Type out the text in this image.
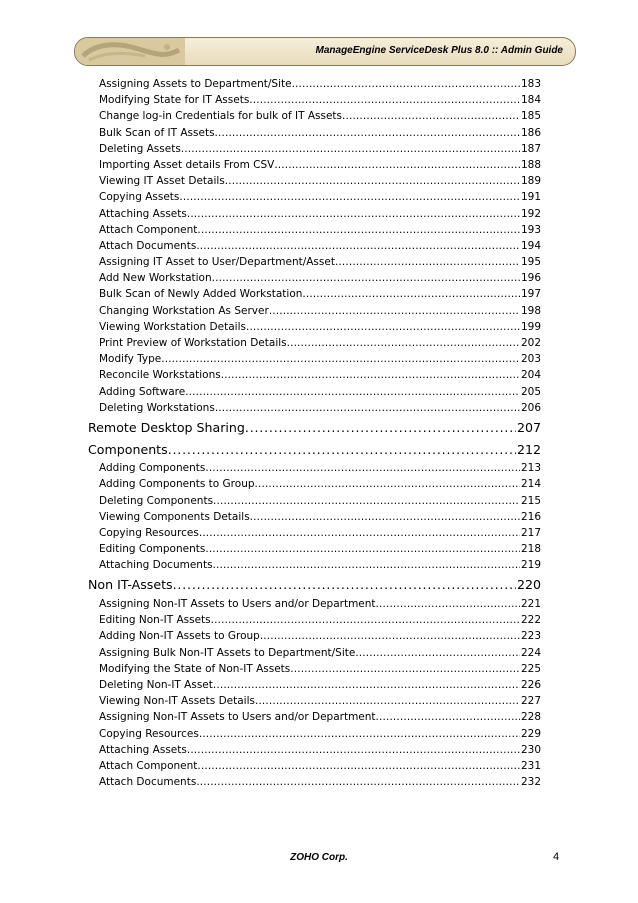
ManageEngine ServiceDesk Plus 8.0 :: Admin Guide
Assigning Assets to Department/Site . . .	183
Modifying State for IT Assets . . .	184
Change log-in Credentials for bulk of IT Assets . . .	185
Bulk Scan of IT Assets . . .	186
Deleting Assets . . .	187
Importing Asset details From CSV . . .	188
Viewing IT Asset Details . . .	189
Copying Assets . . .	191
Attaching Assets . . .	192
Attach Component . . .	193
Attach Documents . . .	194
Assigning IT Asset to User/Department/Asset . . .	195
Add New Workstation . . .	196
Bulk Scan of Newly Added Workstation . . .	197
Changing Workstation As Server . . .	198
Viewing Workstation Details . . .	199
Print Preview of Workstation Details . . .	202
Modify Type . . .	203
Reconcile Workstations . . .	204
Adding Software . . .	205
Deleting Workstations . . .	206
Remote Desktop Sharing . . .	207
Components . . .	212
Adding Components . . .	213
Adding Components to Group . . .	214
Deleting Components . . .	215
Viewing Components Details . . .	216
Copying Resources . . .	217
Editing Components . . .	218
Attaching Documents . . .	219
Non IT-Assets . . .	220
Assigning Non-IT Assets to Users and/or Department . . .	221
Editing Non-IT Assets . . .	222
Adding Non-IT Assets to Group . . .	223
Assigning Bulk Non-IT Assets to Department/Site . . .	224
Modifying the State of Non-IT Assets . . .	225
Deleting Non-IT Asset . . .	226
Viewing Non-IT Assets Details . . .	227
Assigning Non-IT Assets to Users and/or Department . . .	228
Copying Resources . . .	229
Attaching Assets . . .	230
Attach Component . . .	231
Attach Documents . . .	232
ZOHO Corp.	4
